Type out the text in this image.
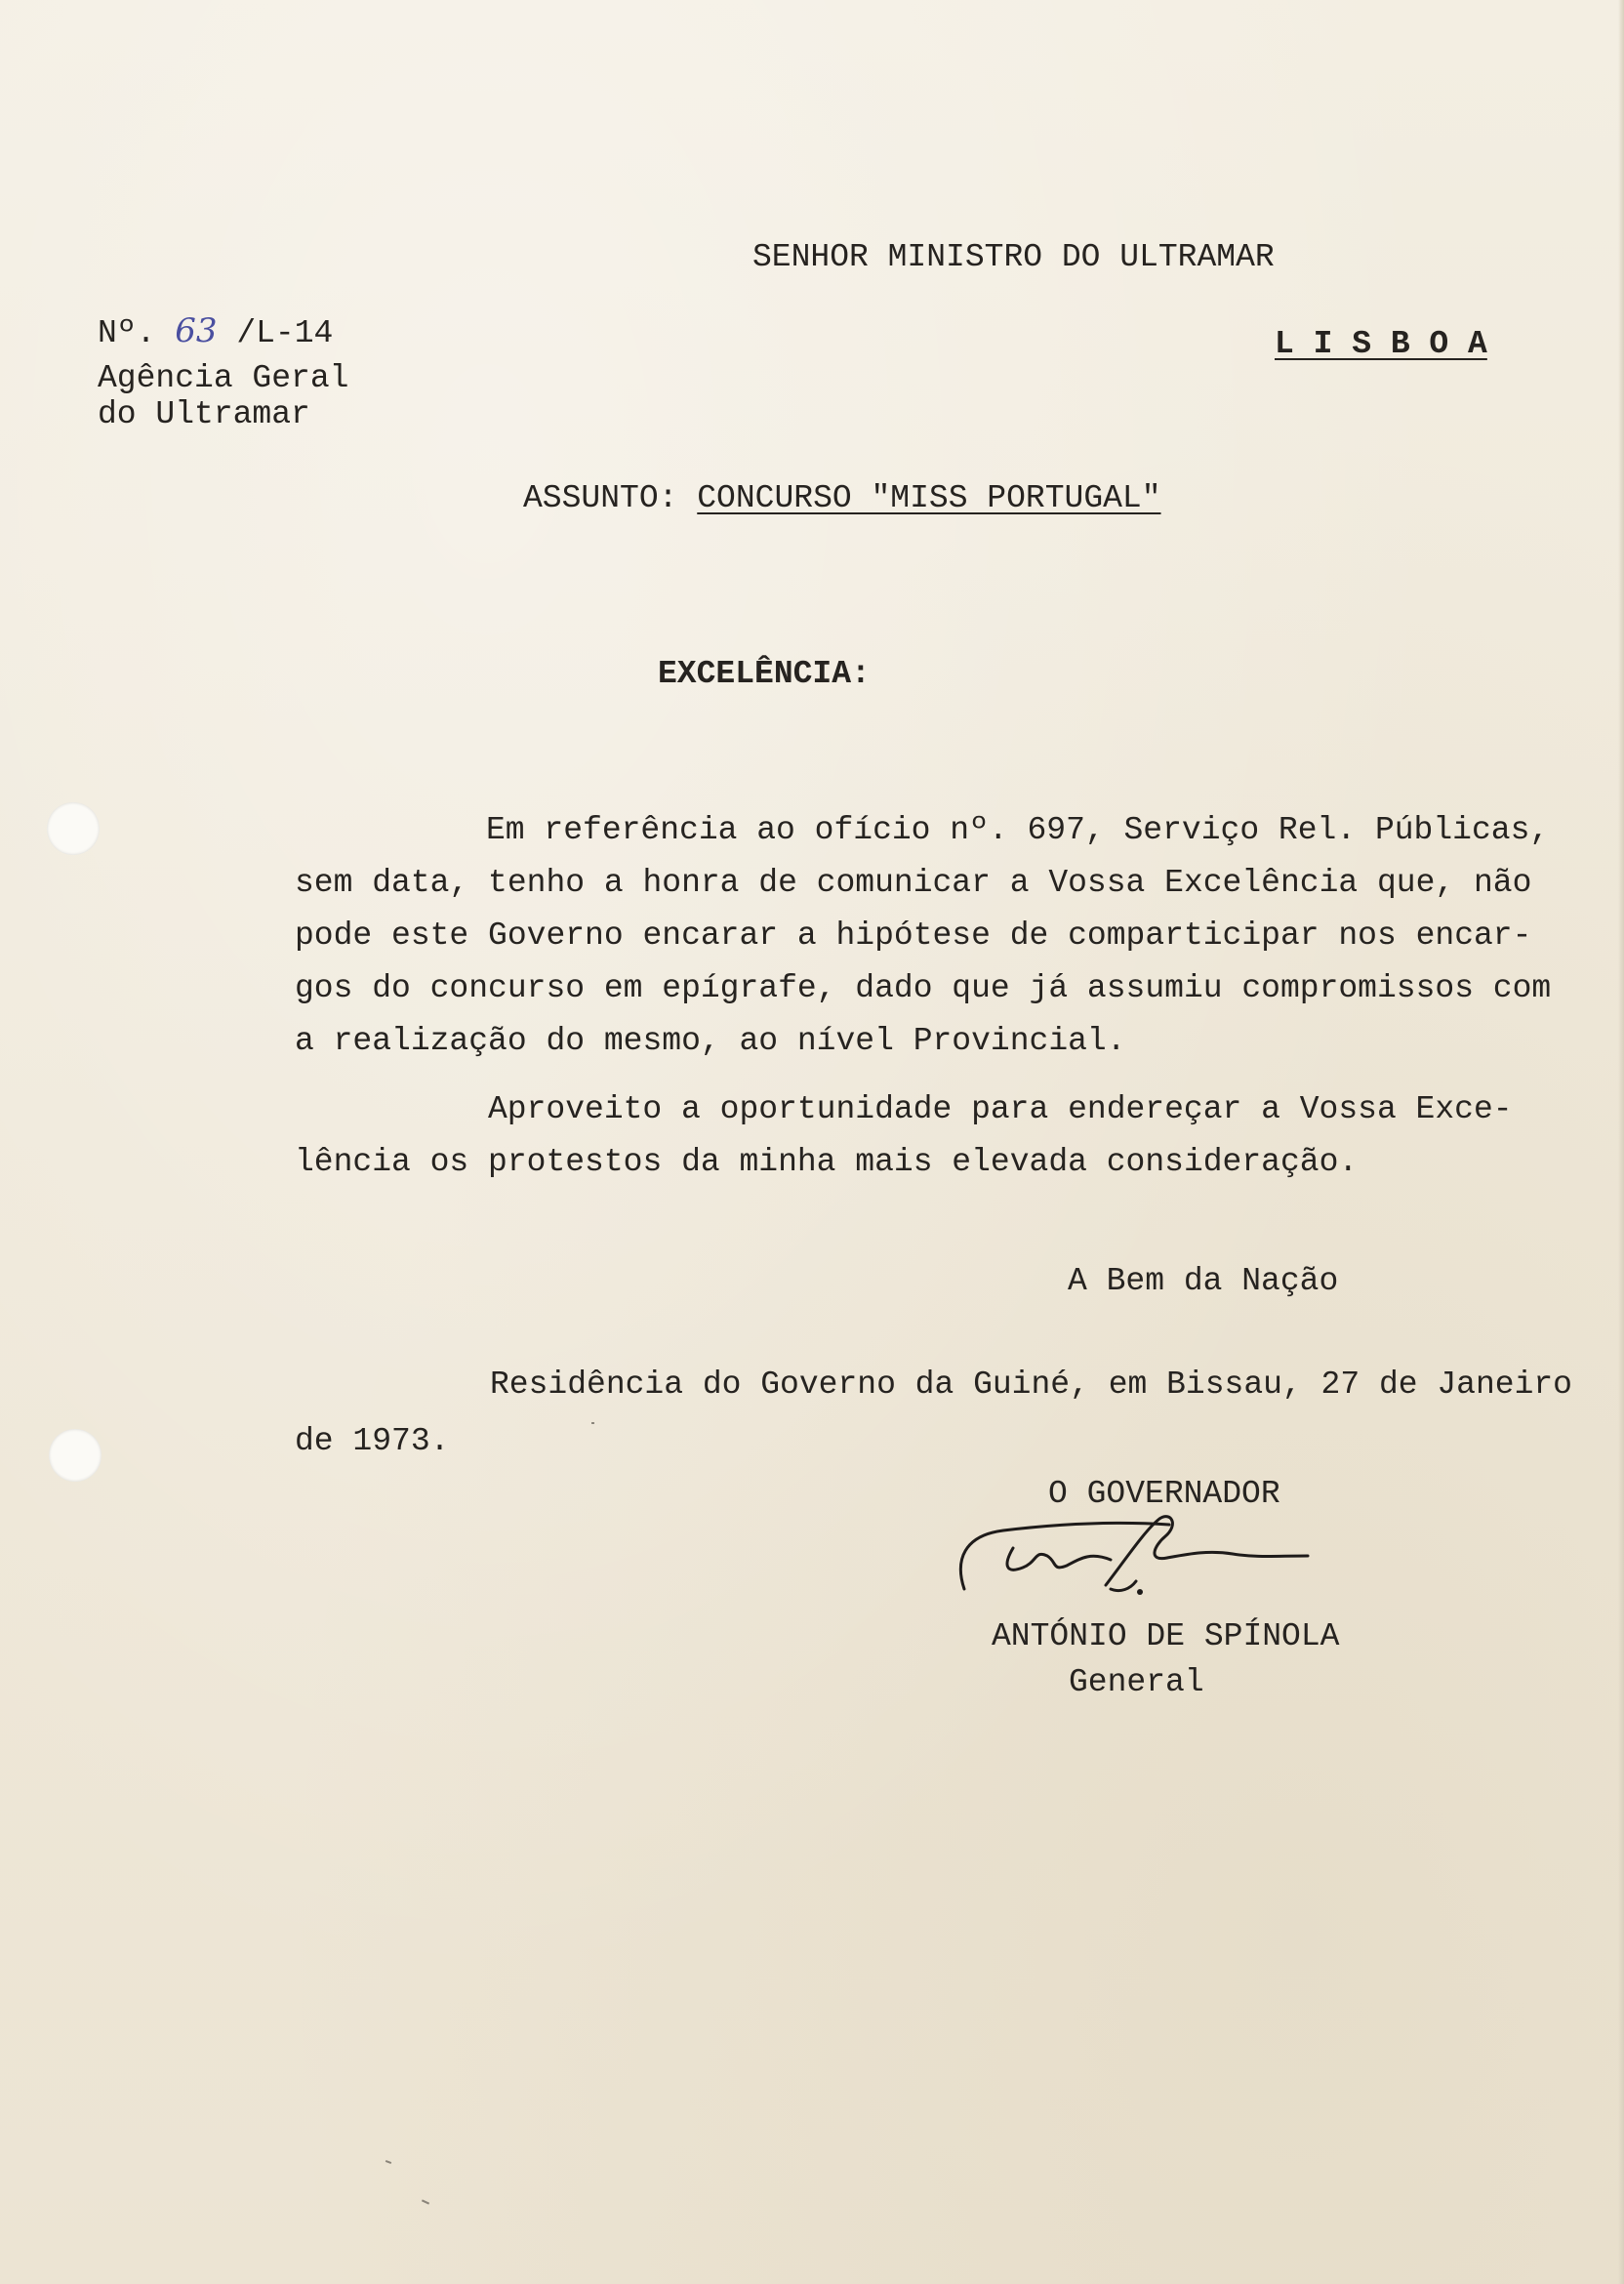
SENHOR MINISTRO DO ULTRAMAR
L I S B O A
Nº. 63 /L-14
Agência Geral
do Ultramar
ASSUNTO: CONCURSO "MISS PORTUGAL"
EXCELÊNCIA:
Em referência ao ofício nº. 697, Serviço Rel. Públicas,
sem data, tenho a honra de comunicar a Vossa Excelência que, não
pode este Governo encarar a hipótese de comparticipar nos encar-
gos do concurso em epígrafe, dado que já assumiu compromissos com
a realização do mesmo, ao nível Provincial.
Aproveito a oportunidade para endereçar a Vossa Exce-
lência os protestos da minha mais elevada consideração.
A Bem da Nação
Residência do Governo da Guiné, em Bissau, 27 de Janeiro
de 1973.
O GOVERNADOR
ANTÓNIO DE SPÍNOLA
General
